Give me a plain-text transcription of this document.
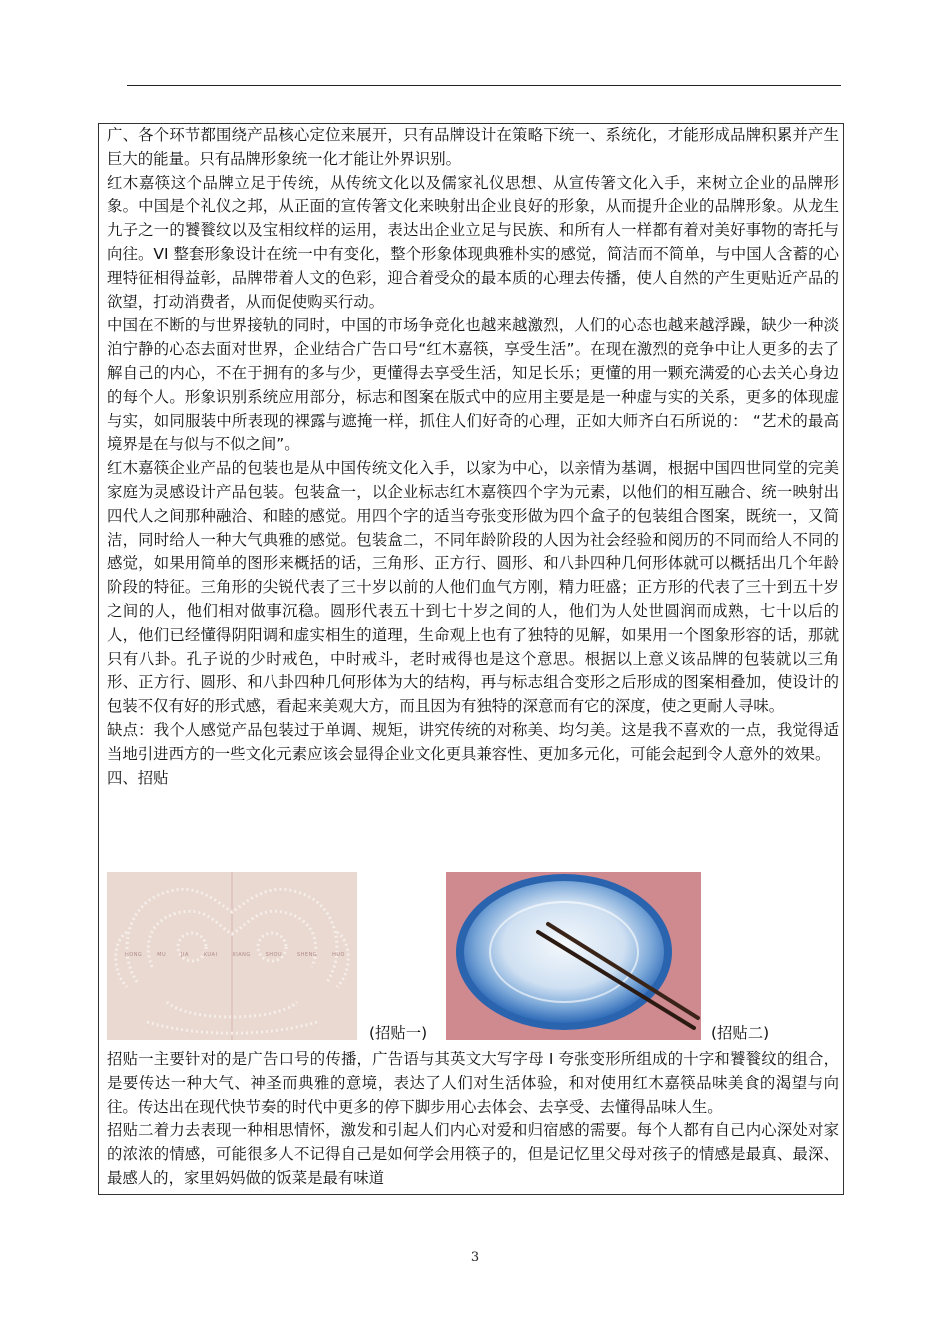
广、各个环节都围绕产品核心定位来展开，只有品牌设计在策略下统一、系统化，才能形成品牌积累并产生巨大的能量。只有品牌形象统一化才能让外界识别。

红木嘉筷这个品牌立足于传统，从传统文化以及儒家礼仪思想、从宣传箸文化入手，来树立企业的品牌形象。中国是个礼仪之邦，从正面的宣传箸文化来映射出企业良好的形象，从而提升企业的品牌形象。从龙生九子之一的饕餮纹以及宝相纹样的运用，表达出企业立足与民族、和所有人一样都有着对美好事物的寄托与向往。VI 整套形象设计在统一中有变化，整个形象体现典雅朴实的感觉，简洁而不简单，与中国人含蓄的心理特征相得益彰，品牌带着人文的色彩，迎合着受众的最本质的心理去传播，使人自然的产生更贴近产品的欲望，打动消费者，从而促使购买行动。

中国在不断的与世界接轨的同时，中国的市场争竞化也越来越激烈，人们的心态也越来越浮躁，缺少一种淡泊宁静的心态去面对世界，企业结合广告口号“红木嘉筷，享受生活”。在现在激烈的竞争中让人更多的去了解自己的内心，不在于拥有的多与少，更懂得去享受生活，知足长乐；更懂的用一颗充满爱的心去关心身边的每个人。形象识别系统应用部分，标志和图案在版式中的应用主要是是一种虚与实的关系，更多的体现虚与实，如同服装中所表现的裸露与遮掩一样，抓住人们好奇的心理，正如大师齐白石所说的： “艺术的最高境界是在与似与不似之间”。

红木嘉筷企业产品的包装也是从中国传统文化入手，以家为中心，以亲情为基调，根据中国四世同堂的完美家庭为灵感设计产品包装。包装盒一，以企业标志红木嘉筷四个字为元素，以他们的相互融合、统一映射出四代人之间那种融洽、和睦的感觉。用四个字的适当夸张变形做为四个盒子的包装组合图案，既统一，又简洁，同时给人一种大气典雅的感觉。包装盒二，不同年龄阶段的人因为社会经验和阅历的不同而给人不同的感觉，如果用简单的图形来概括的话，三角形、正方行、圆形、和八卦四种几何形体就可以概括出几个年龄阶段的特征。三角形的尖锐代表了三十岁以前的人他们血气方刚，精力旺盛；正方形的代表了三十到五十岁之间的人，他们相对做事沉稳。圆形代表五十到七十岁之间的人，他们为人处世圆润而成熟，七十以后的人，他们已经懂得阴阳调和虚实相生的道理，生命观上也有了独特的见解，如果用一个图象形容的话，那就只有八卦。孔子说的少时戒色，中时戒斗，老时戒得也是这个意思。根据以上意义该品牌的包装就以三角形、正方行、圆形、和八卦四种几何形体为大的结构，再与标志组合变形之后形成的图案相叠加，使设计的包装不仅有好的形式感，看起来美观大方，而且因为有独特的深意而有它的深度，使之更耐人寻味。

缺点：我个人感觉产品包装过于单调、规矩，讲究传统的对称美、均匀美。这是我不喜欢的一点，我觉得适当地引进西方的一些文化元素应该会显得企业文化更具兼容性、更加多元化，可能会起到令人意外的效果。

四、招贴

HONG	MU	JIA	KUAI	XIANG	SHOU	SHENG	HUO
(招贴一)	(招贴二)

招贴一主要针对的是广告口号的传播，广告语与其英文大写字母 I 夸张变形所组成的十字和饕餮纹的组合，是要传达一种大气、神圣而典雅的意境，表达了人们对生活体验，和对使用红木嘉筷品味美食的渴望与向往。传达出在现代快节奏的时代中更多的停下脚步用心去体会、去享受、去懂得品味人生。

招贴二着力去表现一种相思情怀，激发和引起人们内心对爱和归宿感的需要。每个人都有自己内心深处对家的浓浓的情感，可能很多人不记得自己是如何学会用筷子的，但是记忆里父母对孩子的情感是最真、最深、最感人的，家里妈妈做的饭菜是最有味道

3
